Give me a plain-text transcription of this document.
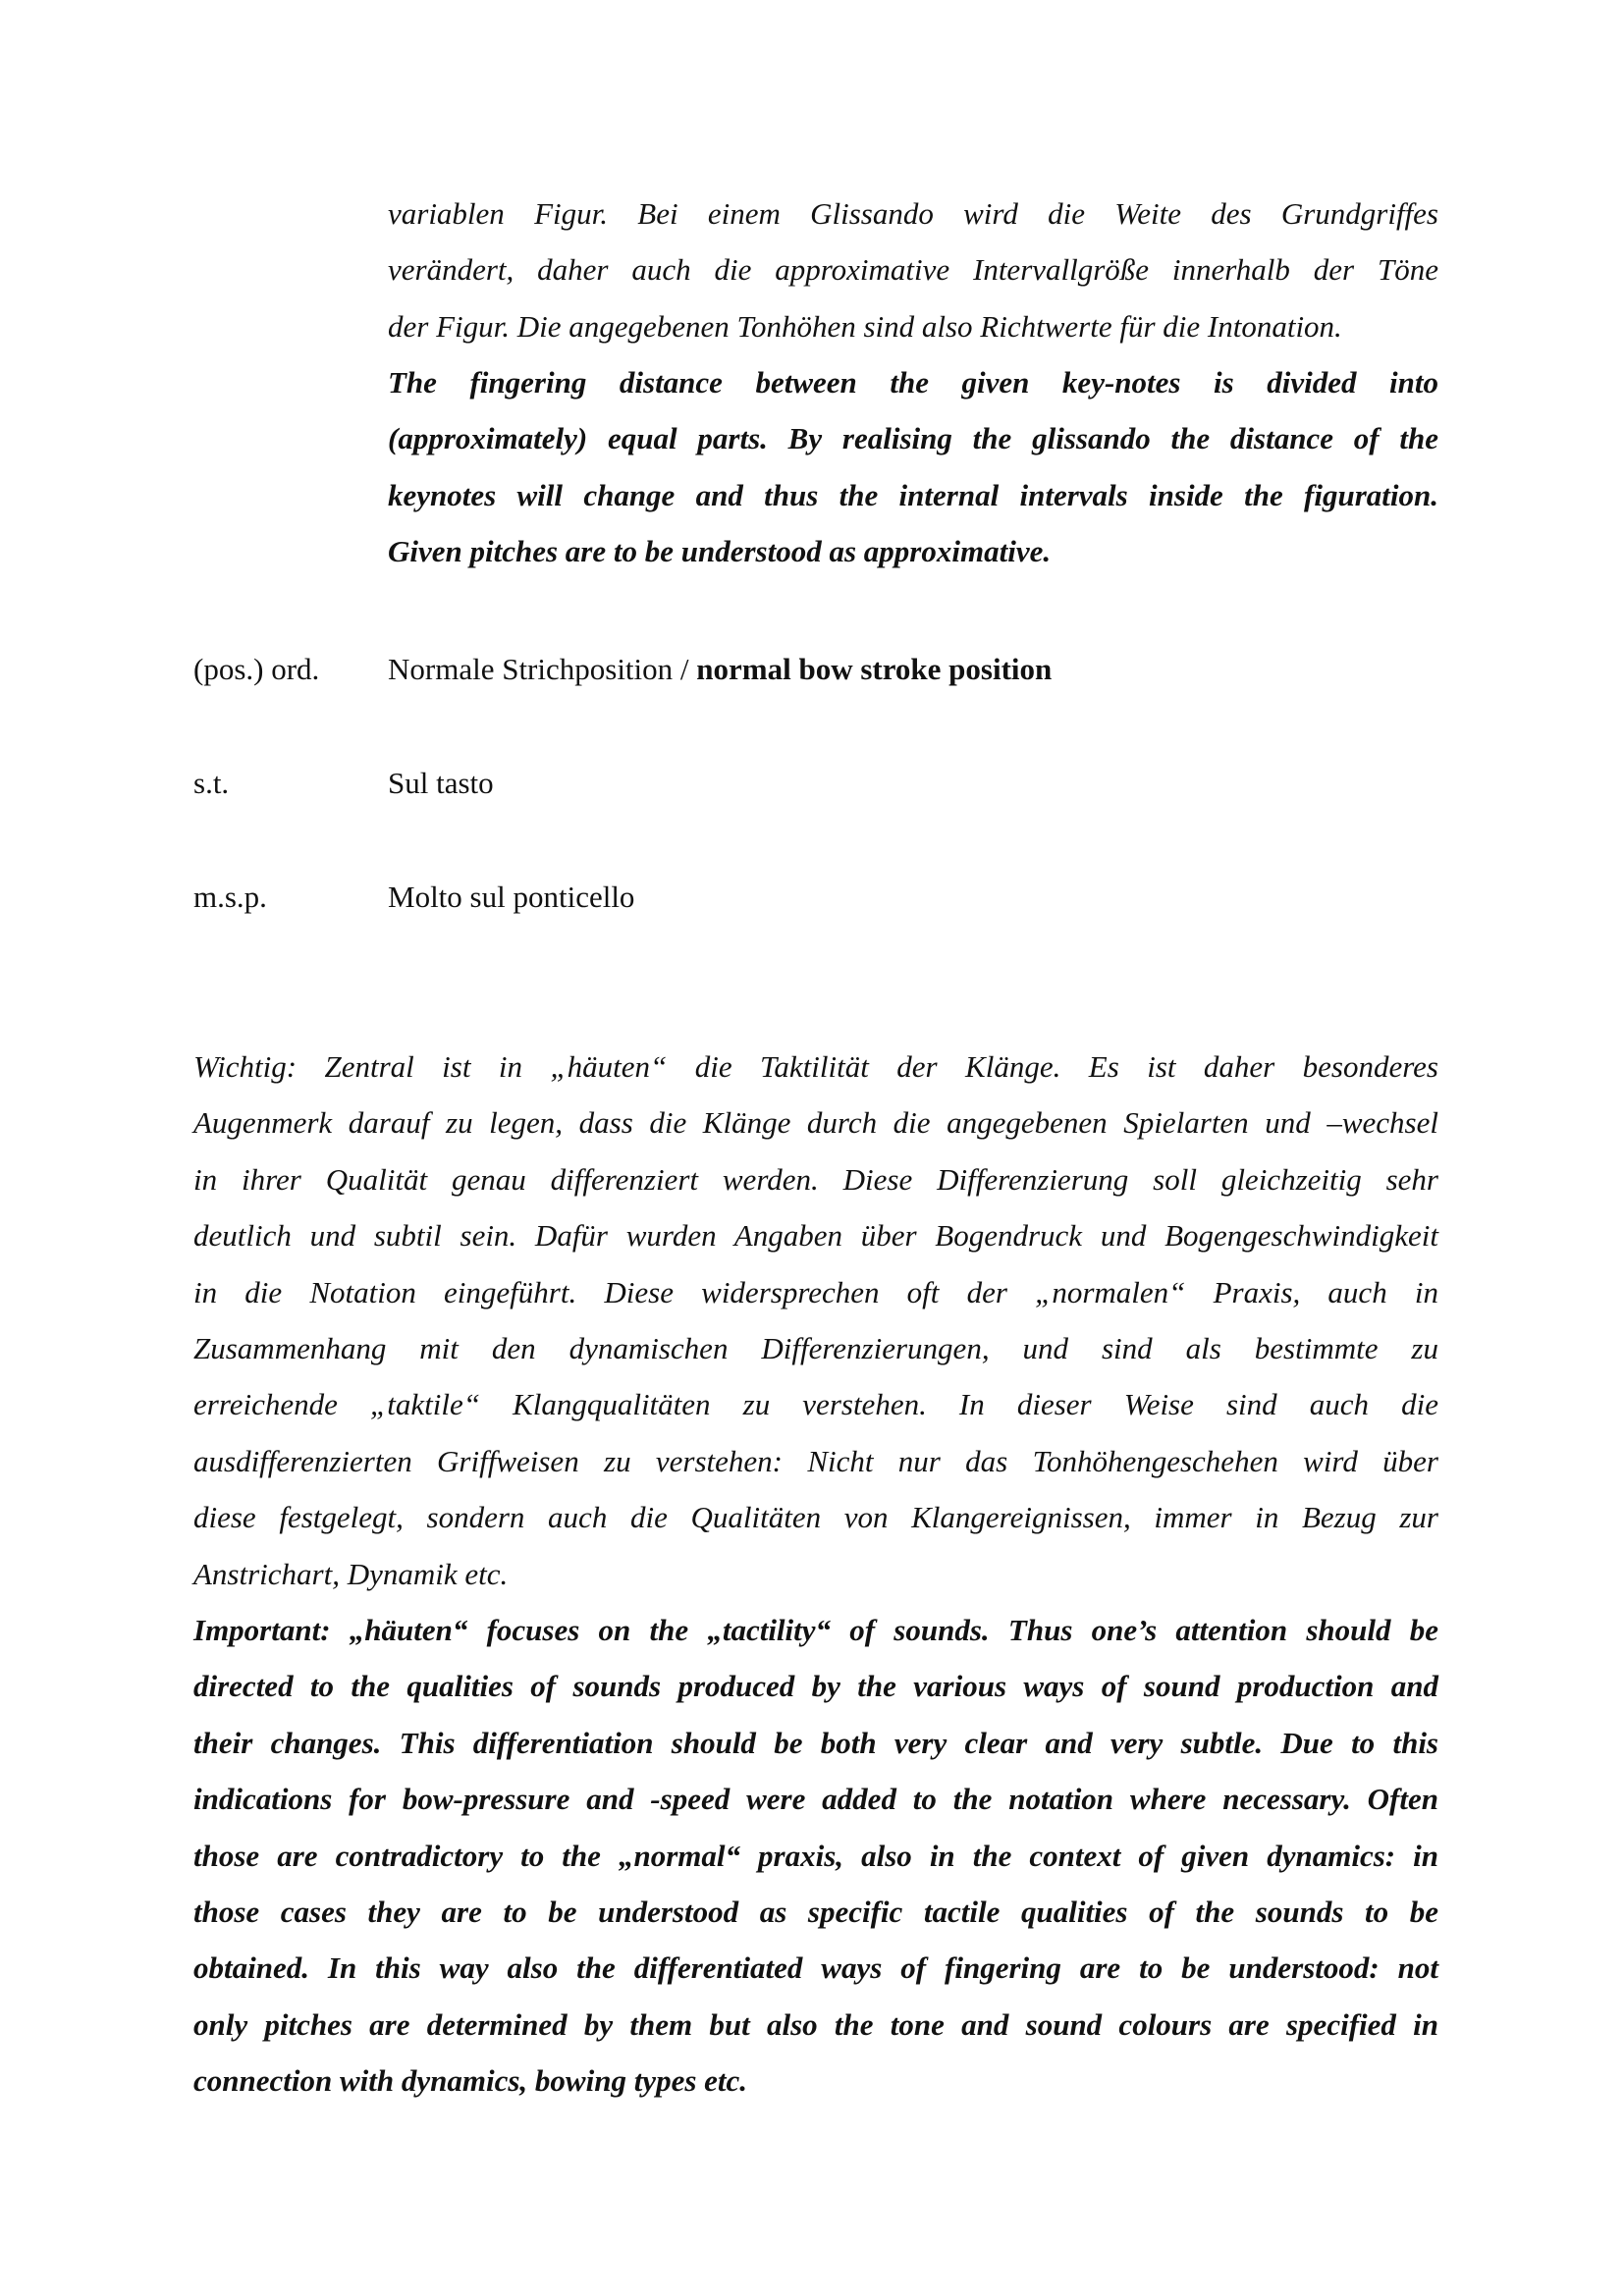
variablen Figur. Bei einem Glissando wird die Weite des Grundgriffes
verändert, daher auch die approximative Intervallgröße innerhalb der Töne
der Figur. Die angegebenen Tonhöhen sind also Richtwerte für die Intonation.
The fingering distance between the given key-notes is divided into
(approximately) equal parts. By realising the glissando the distance of the
keynotes will change and thus the internal intervals inside the figuration.
Given pitches are to be understood as approximative.
(pos.) ord. Normale Strichposition / normal bow stroke position
s.t.	Sul tasto
m.s.p.	Molto sul ponticello
Wichtig: Zentral ist in „häuten“ die Taktilität der Klänge. Es ist daher besonderes
Augenmerk darauf zu legen, dass die Klänge durch die angegebenen Spielarten und –wechsel
in ihrer Qualität genau differenziert werden. Diese Differenzierung soll gleichzeitig sehr
deutlich und subtil sein. Dafür wurden Angaben über Bogendruck und Bogengeschwindigkeit
in die Notation eingeführt. Diese widersprechen oft der „normalen“ Praxis, auch in
Zusammenhang mit den dynamischen Differenzierungen, und sind als bestimmte zu
erreichende „taktile“ Klangqualitäten zu verstehen. In dieser Weise sind auch die
ausdifferenzierten Griffweisen zu verstehen: Nicht nur das Tonhöhengeschehen wird über
diese festgelegt, sondern auch die Qualitäten von Klangereignissen, immer in Bezug zur
Anstrichart, Dynamik etc.
Important: „häuten“ focuses on the „tactility“ of sounds. Thus one’s attention should be
directed to the qualities of sounds produced by the various ways of sound production and
their changes. This differentiation should be both very clear and very subtle. Due to this
indications for bow-pressure and -speed were added to the notation where necessary. Often
those are contradictory to the „normal“ praxis, also in the context of given dynamics: in
those cases they are to be understood as specific tactile qualities of the sounds to be
obtained. In this way also the differentiated ways of fingering are to be understood: not
only pitches are determined by them but also the tone and sound colours are specified in
connection with dynamics, bowing types etc.
